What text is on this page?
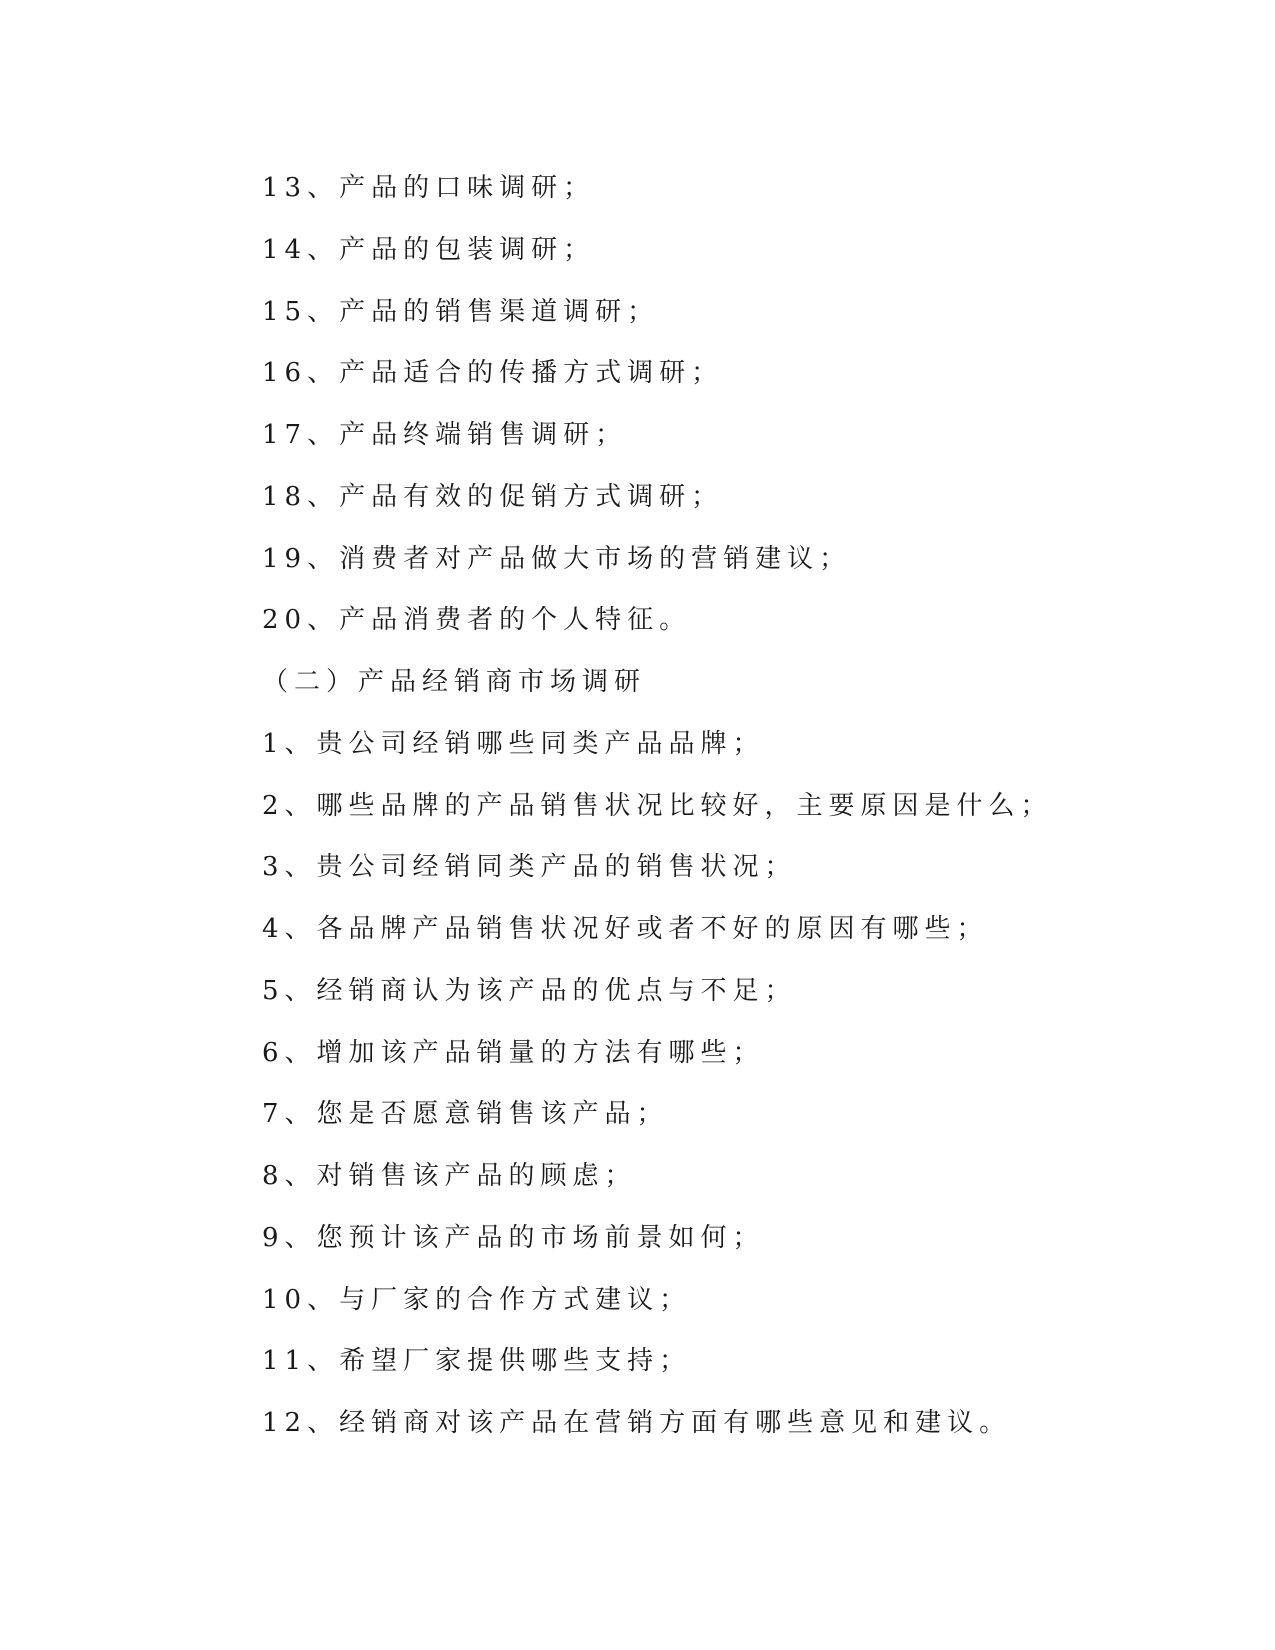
13、产品的口味调研；
14、产品的包装调研；
15、产品的销售渠道调研；
16、产品适合的传播方式调研；
17、产品终端销售调研；
18、产品有效的促销方式调研；
19、消费者对产品做大市场的营销建议；
20、产品消费者的个人特征。
（二）产品经销商市场调研
1、贵公司经销哪些同类产品品牌；
2、哪些品牌的产品销售状况比较好，主要原因是什么；
3、贵公司经销同类产品的销售状况；
4、各品牌产品销售状况好或者不好的原因有哪些；
5、经销商认为该产品的优点与不足；
6、增加该产品销量的方法有哪些；
7、您是否愿意销售该产品；
8、对销售该产品的顾虑；
9、您预计该产品的市场前景如何；
10、与厂家的合作方式建议；
11、希望厂家提供哪些支持；
12、经销商对该产品在营销方面有哪些意见和建议。
